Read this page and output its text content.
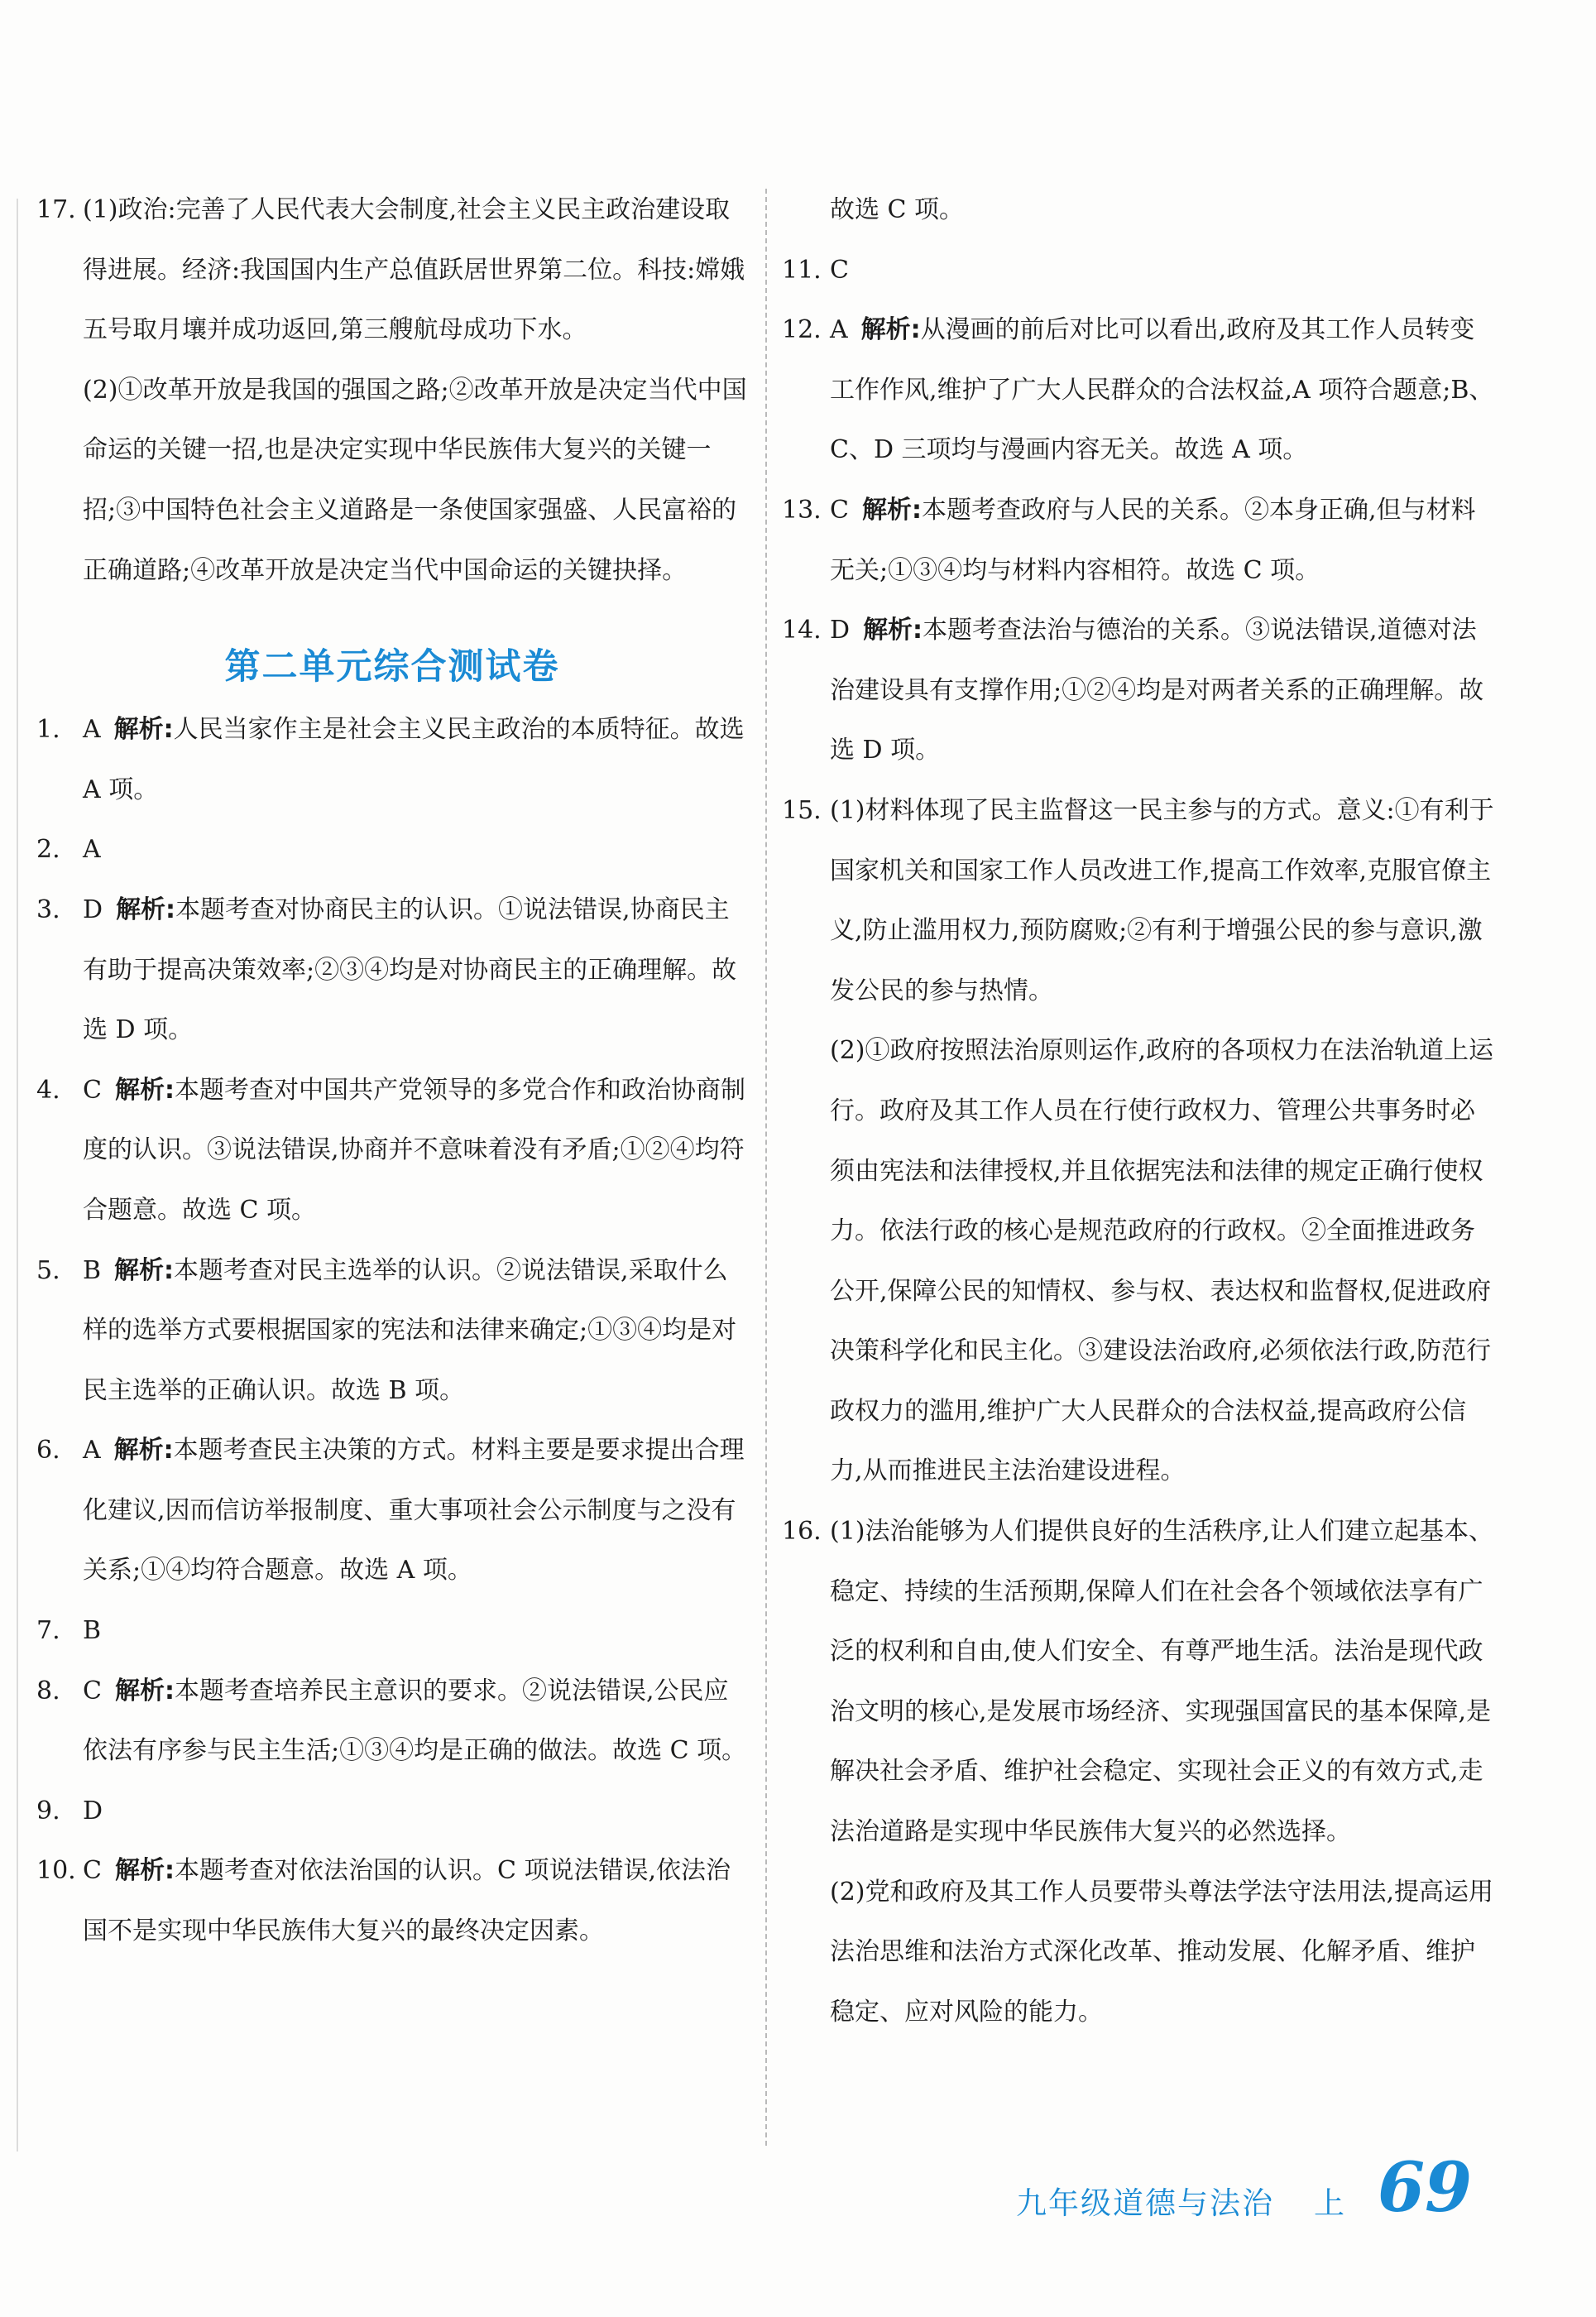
17. (1)政治:完善了人民代表大会制度,社会主义民主政治建设取得进展。经济:我国国内生产总值跃居世界第二位。科技:嫦娥五号取月壤并成功返回,第三艘航母成功下水。
(2)①改革开放是我国的强国之路;②改革开放是决定当代中国命运的关键一招,也是决定实现中华民族伟大复兴的关键一招;③中国特色社会主义道路是一条使国家强盛、人民富裕的正确道路;④改革开放是决定当代中国命运的关键抉择。
第二单元综合测试卷
1. A 解析:人民当家作主是社会主义民主政治的本质特征。故选 A 项。
2. A
3. D 解析:本题考查对协商民主的认识。①说法错误,协商民主有助于提高决策效率;②③④均是对协商民主的正确理解。故选 D 项。
4. C 解析:本题考查对中国共产党领导的多党合作和政治协商制度的认识。③说法错误,协商并不意味着没有矛盾;①②④均符合题意。故选 C 项。
5. B 解析:本题考查对民主选举的认识。②说法错误,采取什么样的选举方式要根据国家的宪法和法律来确定;①③④均是对民主选举的正确认识。故选 B 项。
6. A 解析:本题考查民主决策的方式。材料主要是要求提出合理化建议,因而信访举报制度、重大事项社会公示制度与之没有关系;①④均符合题意。故选 A 项。
7. B
8. C 解析:本题考查培养民主意识的要求。②说法错误,公民应依法有序参与民主生活;①③④均是正确的做法。故选 C 项。
9. D
10. C 解析:本题考查对依法治国的认识。C 项说法错误,依法治国不是实现中华民族伟大复兴的最终决定因素。
故选 C 项。
11. C
12. A 解析:从漫画的前后对比可以看出,政府及其工作人员转变工作作风,维护了广大人民群众的合法权益,A 项符合题意;B、C、D 三项均与漫画内容无关。故选 A 项。
13. C 解析:本题考查政府与人民的关系。②本身正确,但与材料无关;①③④均与材料内容相符。故选 C 项。
14. D 解析:本题考查法治与德治的关系。③说法错误,道德对法治建设具有支撑作用;①②④均是对两者关系的正确理解。故选 D 项。
15. (1)材料体现了民主监督这一民主参与的方式。意义:①有利于国家机关和国家工作人员改进工作,提高工作效率,克服官僚主义,防止滥用权力,预防腐败;②有利于增强公民的参与意识,激发公民的参与热情。
(2)①政府按照法治原则运作,政府的各项权力在法治轨道上运行。政府及其工作人员在行使行政权力、管理公共事务时必须由宪法和法律授权,并且依据宪法和法律的规定正确行使权力。依法行政的核心是规范政府的行政权。②全面推进政务公开,保障公民的知情权、参与权、表达权和监督权,促进政府决策科学化和民主化。③建设法治政府,必须依法行政,防范行政权力的滥用,维护广大人民群众的合法权益,提高政府公信力,从而推进民主法治建设进程。
16. (1)法治能够为人们提供良好的生活秩序,让人们建立起基本、稳定、持续的生活预期,保障人们在社会各个领域依法享有广泛的权利和自由,使人们安全、有尊严地生活。法治是现代政治文明的核心,是发展市场经济、实现强国富民的基本保障,是解决社会矛盾、维护社会稳定、实现社会正义的有效方式,走法治道路是实现中华民族伟大复兴的必然选择。
(2)党和政府及其工作人员要带头尊法学法守法用法,提高运用法治思维和法治方式深化改革、推动发展、化解矛盾、维护稳定、应对风险的能力。
九年级道德与法治 上 69
